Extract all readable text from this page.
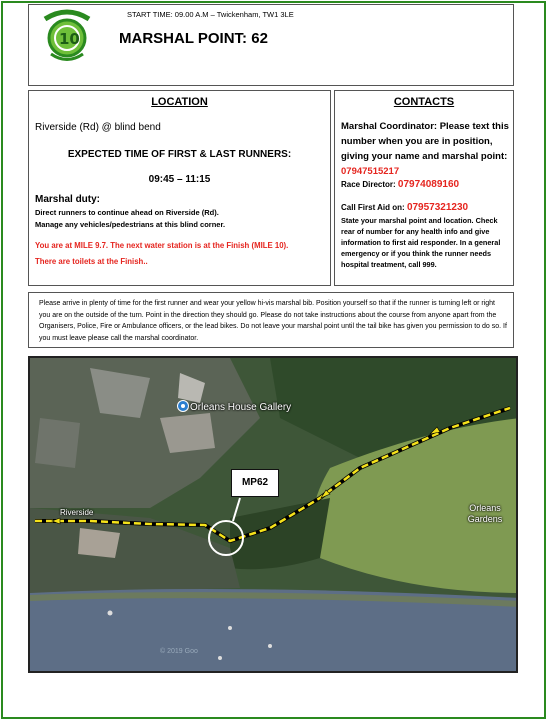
10
START TIME: 09.00 A.M – Twickenham, TW1 3LE
MARSHAL POINT: 62
LOCATION
Riverside (Rd) @ blind bend
EXPECTED TIME OF FIRST & LAST RUNNERS:
09:45 – 11:15
Marshal duty:
Direct runners to continue ahead on Riverside (Rd).
Manage any vehicles/pedestrians at this blind corner.
You are at MILE 9.7. The next water station is at the Finish (MILE 10).
There are toilets at the Finish..
CONTACTS
Marshal Coordinator: Please text this number when you are in position, giving your name and marshal point: 07947515217
Race Director: 07974089160
Call First Aid on: 07957321230
State your marshal point and location. Check rear of number for any health info and give information to first aid responder. In a general emergency or if you think the runner needs hospital treatment, call 999.
Please arrive in plenty of time for the first runner and wear your yellow hi-vis marshal bib. Position yourself so that if the runner is turning left or right you are on the outside of the turn. Point in the direction they should go. Please do not take instructions about the course from anyone apart from the Organisers, Police, Fire or Ambulance officers, or the lead bikes. Do not leave your marshal point until the tail bike has given you permission to do so. If you must leave please call the marshal coordinator.
Orleans House Gallery
Orleans Gardens
Riverside
© 2019 Goo
MP62
